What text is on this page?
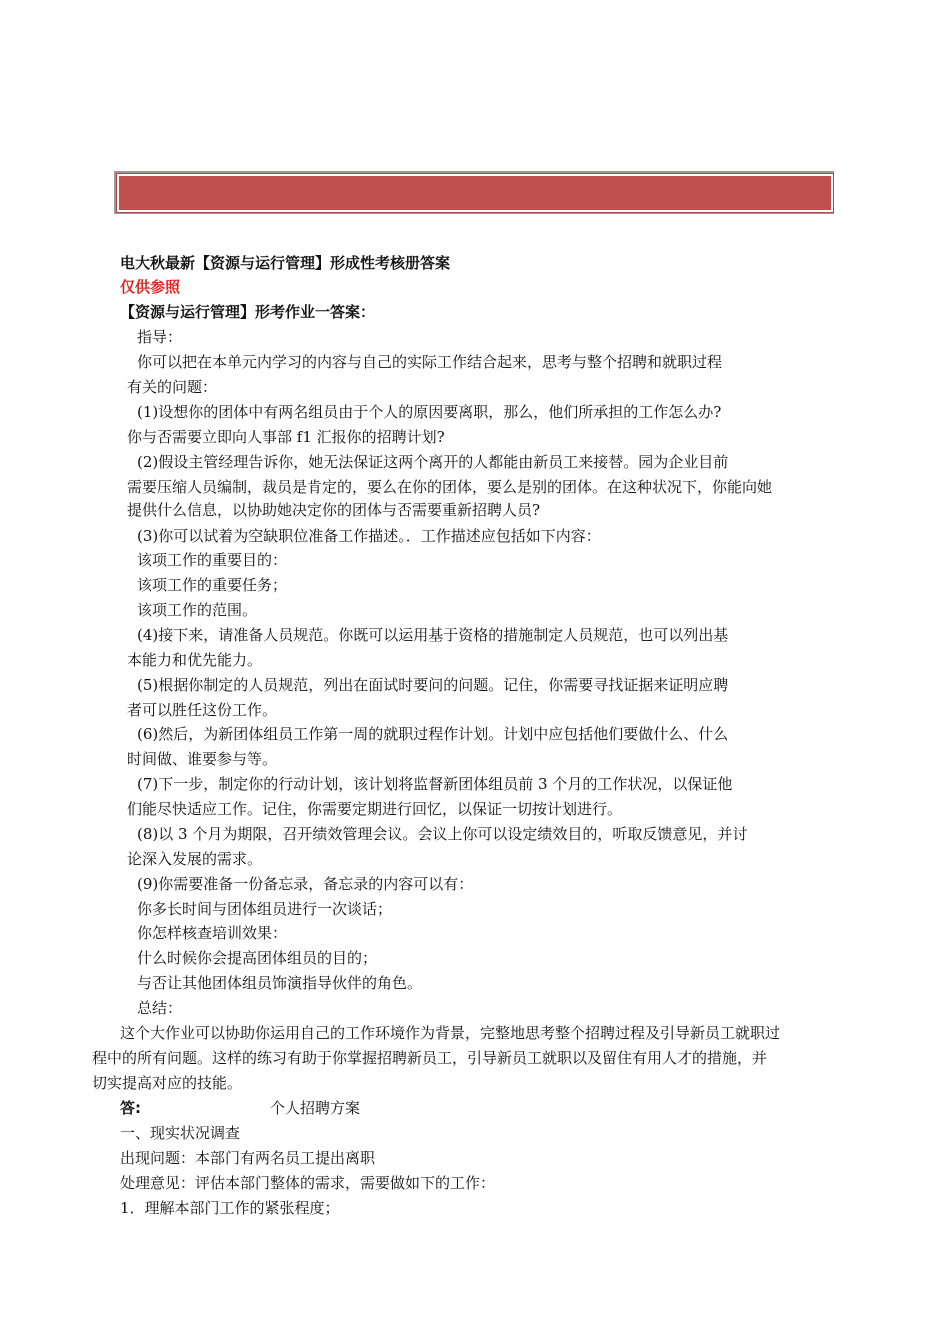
电大秋最新【资源与运行管理】形成性考核册答案
仅供参照
【资源与运行管理】形考作业一答案：
指导：
你可以把在本单元内学习的内容与自己的实际工作结合起来，思考与整个招聘和就职过程
有关的问题：
(1)设想你的团体中有两名组员由于个人的原因要离职，那么，他们所承担的工作怎么办?
你与否需要立即向人事部 f1 汇报你的招聘计划?
(2)假设主管经理告诉你，她无法保证这两个离开的人都能由新员工来接替。园为企业目前
需要压缩人员编制，裁员是肯定的，要么在你的团体，要么是别的团体。在这种状况下，你能向她
提供什么信息，以协助她决定你的团体与否需要重新招聘人员?
(3)你可以试着为空缺职位准备工作描述。．工作描述应包括如下内容：
该项工作的重要目的：
该项工作的重要任务；
该项工作的范围。
(4)接下来，请准备人员规范。你既可以运用基于资格的措施制定人员规范，也可以列出基
本能力和优先能力。
(5)根据你制定的人员规范，列出在面试时要问的问题。记住，你需要寻找证据来证明应聘
者可以胜任这份工作。
(6)然后，为新团体组员工作第一周的就职过程作计划。计划中应包括他们要做什么、什么
时间做、谁要参与等。
(7)下一步，制定你的行动计划，该计划将监督新团体组员前 3 个月的工作状况，以保证他
们能尽快适应工作。记住，你需要定期进行回忆，以保证一切按计划进行。
(8)以 3 个月为期限，召开绩效管理会议。会议上你可以设定绩效目的，听取反馈意见，并讨
论深入发展的需求。
(9)你需要准备一份备忘录，备忘录的内容可以有：
你多长时间与团体组员进行一次谈话；
你怎样核查培训效果：
什么时候你会提高团体组员的目的；
与否让其他团体组员饰演指导伙伴的角色。
总结：
这个大作业可以协助你运用自己的工作环境作为背景，完整地思考整个招聘过程及引导新员工就职过
程中的所有问题。这样的练习有助于你掌握招聘新员工，引导新员工就职以及留住有用人才的措施，并
切实提高对应的技能。
答:	个人招聘方案
一、现实状况调查
出现问题：本部门有两名员工提出离职
处理意见：评估本部门整体的需求，需要做如下的工作：
1．理解本部门工作的紧张程度；
